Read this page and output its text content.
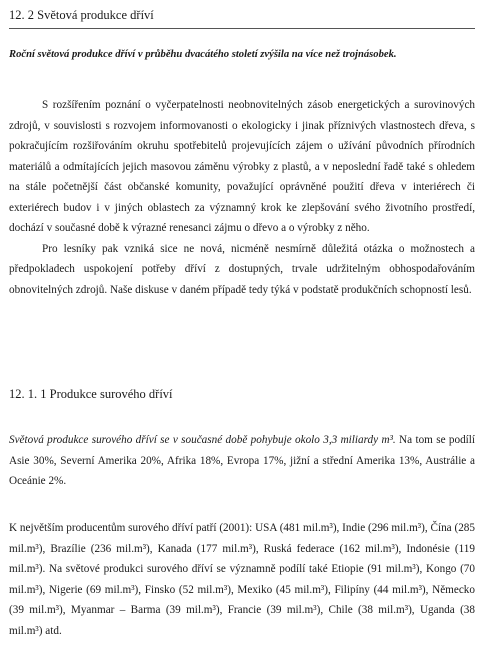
12. 2 Světová produkce dříví

Roční světová produkce dříví v průběhu dvacátého století zvýšila na více než trojnásobek.

S rozšířením poznání o vyčerpatelnosti neobnovitelných zásob energetických a surovinových zdrojů, v souvislosti s rozvojem informovanosti o ekologicky i jinak příznivých vlastnostech dřeva, s pokračujícím rozšiřováním okruhu spotřebitelů projevujících zájem o užívání původních přírodních materiálů a odmítajících jejich masovou záměnu výrobky z plastů, a v neposlední řadě také s ohledem na stále početnější část občanské komunity, považující oprávněné použití dřeva v interiérech či exteriérech budov i v jiných oblastech za významný krok ke zlepšování svého životního prostředí, dochází v současné době k výrazné renesanci zájmu o dřevo a o výrobky z něho.

Pro lesníky pak vzniká sice ne nová, nicméně nesmírně důležitá otázka o možnostech a předpokladech uspokojení potřeby dříví z dostupných, trvale udržitelným obhospodařováním obnovitelných zdrojů. Naše diskuse v daném případě tedy týká v podstatě produkčních schopností lesů.

12. 1. 1 Produkce surového dříví

Světová produkce surového dříví se v současné době pohybuje okolo 3,3 miliardy m³. Na tom se podílí Asie 30%, Severní Amerika 20%, Afrika 18%, Evropa 17%, jižní a střední Amerika 13%, Austrálie a Oceánie 2%.

K největším producentům surového dříví patří (2001): USA (481 mil.m³), Indie (296 mil.m³), Čína (285 mil.m³), Brazílie (236 mil.m³), Kanada (177 mil.m³), Ruská federace (162 mil.m³), Indonésie (119 mil.m³). Na světové produkci surového dříví se významně podílí také Etiopie (91 mil.m³), Kongo (70 mil.m³), Nigerie (69 mil.m³), Finsko (52 mil.m³), Mexiko (45 mil.m³), Filipíny (44 mil.m³), Německo (39 mil.m³), Myanmar – Barma (39 mil.m³), Francie (39 mil.m³), Chile (38 mil.m³), Uganda (38 mil.m³) atd.
